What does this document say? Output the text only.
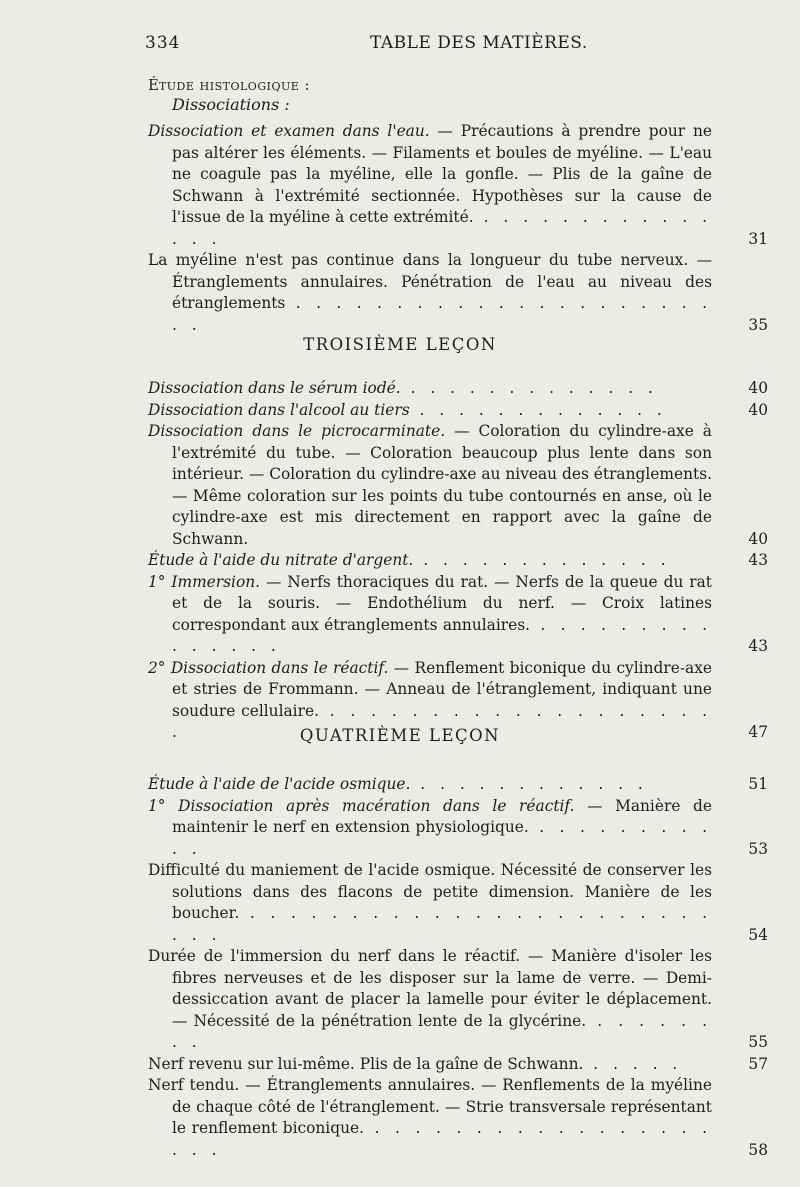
334	TABLE DES MATIÈRES.
Étude histologique :
Dissociations :
Dissociation et examen dans l'eau. — Précautions à prendre pour ne pas altérer les éléments. — Filaments et boules de myéline. — L'eau ne coagule pas la myéline, elle la gonfle. — Plis de la gaîne de Schwann à l'extrémité sectionnée. Hypothèses sur la cause de l'issue de la myéline à cette extrémité. . . . . . . . . . . . . . . .	31
La myéline n'est pas continue dans la longueur du tube nerveux. — Étranglements annulaires. Pénétration de l'eau au niveau des étranglements . . . . . . . . . . . . . . . . . . . . . . .	35
TROISIÈME LEÇON
Dissociation dans le sérum iodé. . . . . . . . . . . . . .	40
Dissociation dans l'alcool au tiers . . . . . . . . . . . . .	40
Dissociation dans le picrocarminate. — Coloration du cylindre-axe à l'extrémité du tube. — Coloration beaucoup plus lente dans son intérieur. — Coloration du cylindre-axe au niveau des étranglements. — Même coloration sur les points du tube contournés en anse, où le cylindre-axe est mis directement en rapport avec la gaîne de Schwann.	40
Étude à l'aide du nitrate d'argent. . . . . . . . . . . . . .	43
1° Immersion. — Nerfs thoraciques du rat. — Nerfs de la queue du rat et de la souris. — Endothélium du nerf. — Croix latines correspondant aux étranglements annulaires. . . . . . . . . . . . . . . .	43
2° Dissociation dans le réactif. — Renflement biconique du cylindre-axe et stries de Frommann. — Anneau de l'étranglement, indiquant une soudure cellulaire. . . . . . . . . . . . . . . . . . . . .	47
QUATRIÈME LEÇON
Étude à l'aide de l'acide osmique. . . . . . . . . . . . .	51
1° Dissociation après macération dans le réactif. — Manière de maintenir le nerf en extension physiologique. . . . . . . . . . . .	53
Difficulté du maniement de l'acide osmique. Nécessité de conserver les solutions dans des flacons de petite dimension. Manière de les boucher. . . . . . . . . . . . . . . . . . . . . . . . . . .	54
Durée de l'immersion du nerf dans le réactif. — Manière d'isoler les fibres nerveuses et de les disposer sur la lame de verre. — Demi-dessiccation avant de placer la lamelle pour éviter le déplacement. — Nécessité de la pénétration lente de la glycérine. . . . . . . . .	55
Nerf revenu sur lui-même. Plis de la gaîne de Schwann. . . . . .	57
Nerf tendu. — Étranglements annulaires. — Renflements de la myéline de chaque côté de l'étranglement. — Strie transversale représentant le renflement biconique. . . . . . . . . . . . . . . . . . . . .	58
